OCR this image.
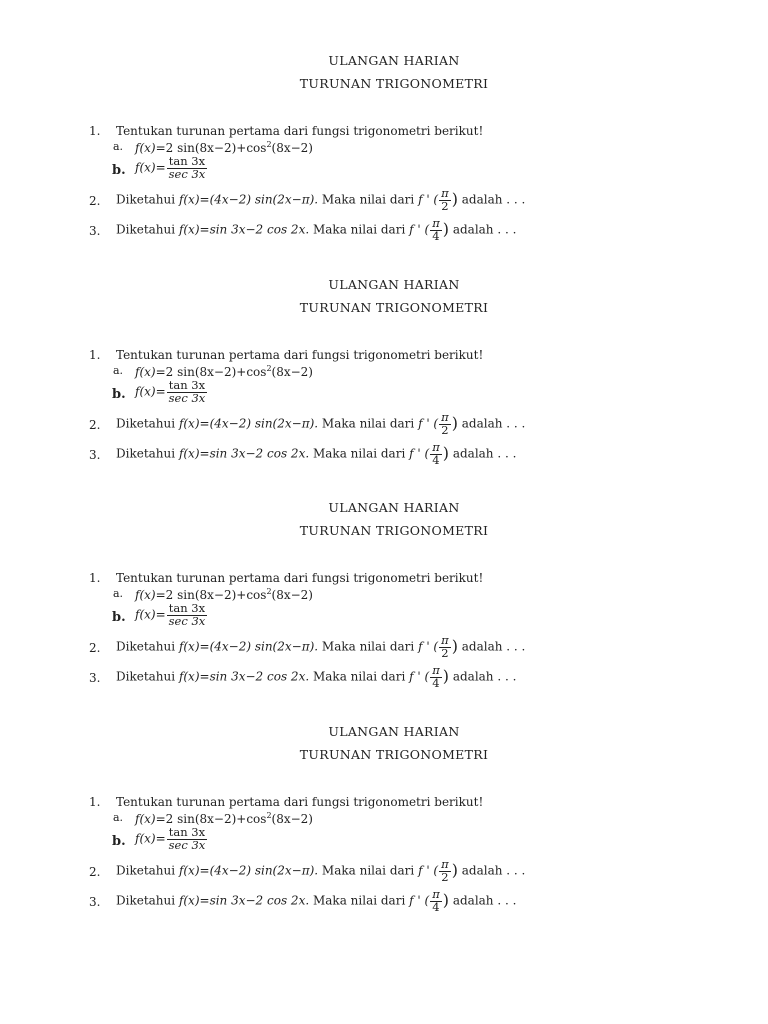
ULANGAN HARIAN
TURUNAN TRIGONOMETRI
1. Tentukan turunan pertama dari fungsi trigonometri berikut!
a. f(x)=2 $\sin(8x-2)+\cos^2(8x-2)$
b. $f(x)= \frac{\tan 3x}{\sec 3x}$
2. Diketahui f(x)=(4x−2) sin(2x−π). Maka nilai dari f ' ( $\frac{\pi}{2}$ ) adalah . . .
3. Diketahui f(x)=sin 3x−2 cos 2x. Maka nilai dari f ' ( $\frac{\pi}{4}$ ) adalah . . .
ULANGAN HARIAN
TURUNAN TRIGONOMETRI
1. Tentukan turunan pertama dari fungsi trigonometri berikut!
a. f(x)=2 $\sin(8x-2)+\cos^2(8x-2)$
b. $f(x)= \frac{\tan 3x}{\sec 3x}$
2. Diketahui f(x)=(4x−2) sin(2x−π). Maka nilai dari f ' ( $\frac{\pi}{2}$ ) adalah . . .
3. Diketahui f(x)=sin 3x−2 cos 2x. Maka nilai dari f ' ( $\frac{\pi}{4}$ ) adalah . . .
ULANGAN HARIAN
TURUNAN TRIGONOMETRI
1. Tentukan turunan pertama dari fungsi trigonometri berikut!
a. f(x)=2 $\sin(8x-2)+\cos^2(8x-2)$
b. $f(x)= \frac{\tan 3x}{\sec 3x}$
2. Diketahui f(x)=(4x−2) sin(2x−π). Maka nilai dari f ' ( $\frac{\pi}{2}$ ) adalah . . .
3. Diketahui f(x)=sin 3x−2 cos 2x. Maka nilai dari f ' ( $\frac{\pi}{4}$ ) adalah . . .
ULANGAN HARIAN
TURUNAN TRIGONOMETRI
1. Tentukan turunan pertama dari fungsi trigonometri berikut!
a. f(x)=2 $\sin(8x-2)+\cos^2(8x-2)$
b. $f(x)= \frac{\tan 3x}{\sec 3x}$
2. Diketahui f(x)=(4x−2) sin(2x−π). Maka nilai dari f ' ( $\frac{\pi}{2}$ ) adalah . . .
3. Diketahui f(x)=sin 3x−2 cos 2x. Maka nilai dari f ' ( $\frac{\pi}{4}$ ) adalah . . .
